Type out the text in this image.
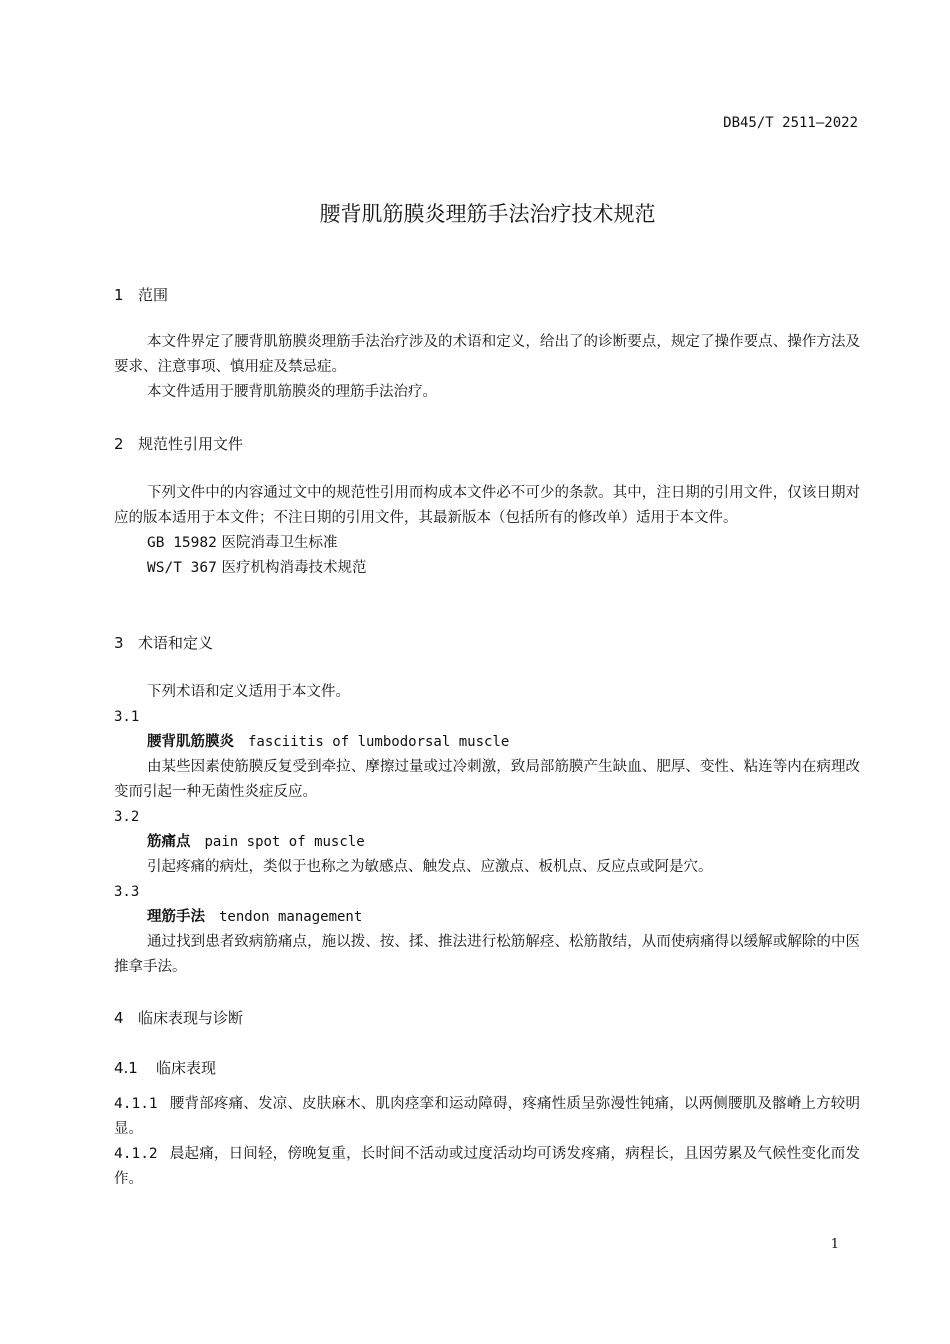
DB45/T 2511—2022
腰背肌筋膜炎理筋手法治疗技术规范
1 范围

本文件界定了腰背肌筋膜炎理筋手法治疗涉及的术语和定义，给出了的诊断要点，规定了操作要点、操作方法及要求、注意事项、慎用症及禁忌症。

本文件适用于腰背肌筋膜炎的理筋手法治疗。

2 规范性引用文件

下列文件中的内容通过文中的规范性引用而构成本文件必不可少的条款。其中，注日期的引用文件，仅该日期对应的版本适用于本文件；不注日期的引用文件，其最新版本（包括所有的修改单）适用于本文件。

GB 15982 医院消毒卫生标准
WS/T 367 医疗机构消毒技术规范
3 术语和定义
下列术语和定义适用于本文件。
3.1
腰背肌筋膜炎 fasciitis of lumbodorsal muscle

由某些因素使筋膜反复受到牵拉、摩擦过量或过冷刺激，致局部筋膜产生缺血、肥厚、变性、粘连等内在病理改变而引起一种无菌性炎症反应。

3.2
筋痛点 pain spot of muscle

引起疼痛的病灶，类似于也称之为敏感点、触发点、应激点、板机点、反应点或阿是穴。

3.3
理筋手法 tendon management

通过找到患者致病筋痛点，施以拨、按、揉、推法进行松筋解痉、松筋散结，从而使病痛得以缓解或解除的中医推拿手法。

4 临床表现与诊断
4.1 临床表现

4.1.1 腰背部疼痛、发凉、皮肤麻木、肌肉痉挛和运动障碍，疼痛性质呈弥漫性钝痛，以两侧腰肌及髂嵴上方较明显。

4.1.2 晨起痛，日间轻，傍晚复重，长时间不活动或过度活动均可诱发疼痛，病程长，且因劳累及气候性变化而发作。

1
